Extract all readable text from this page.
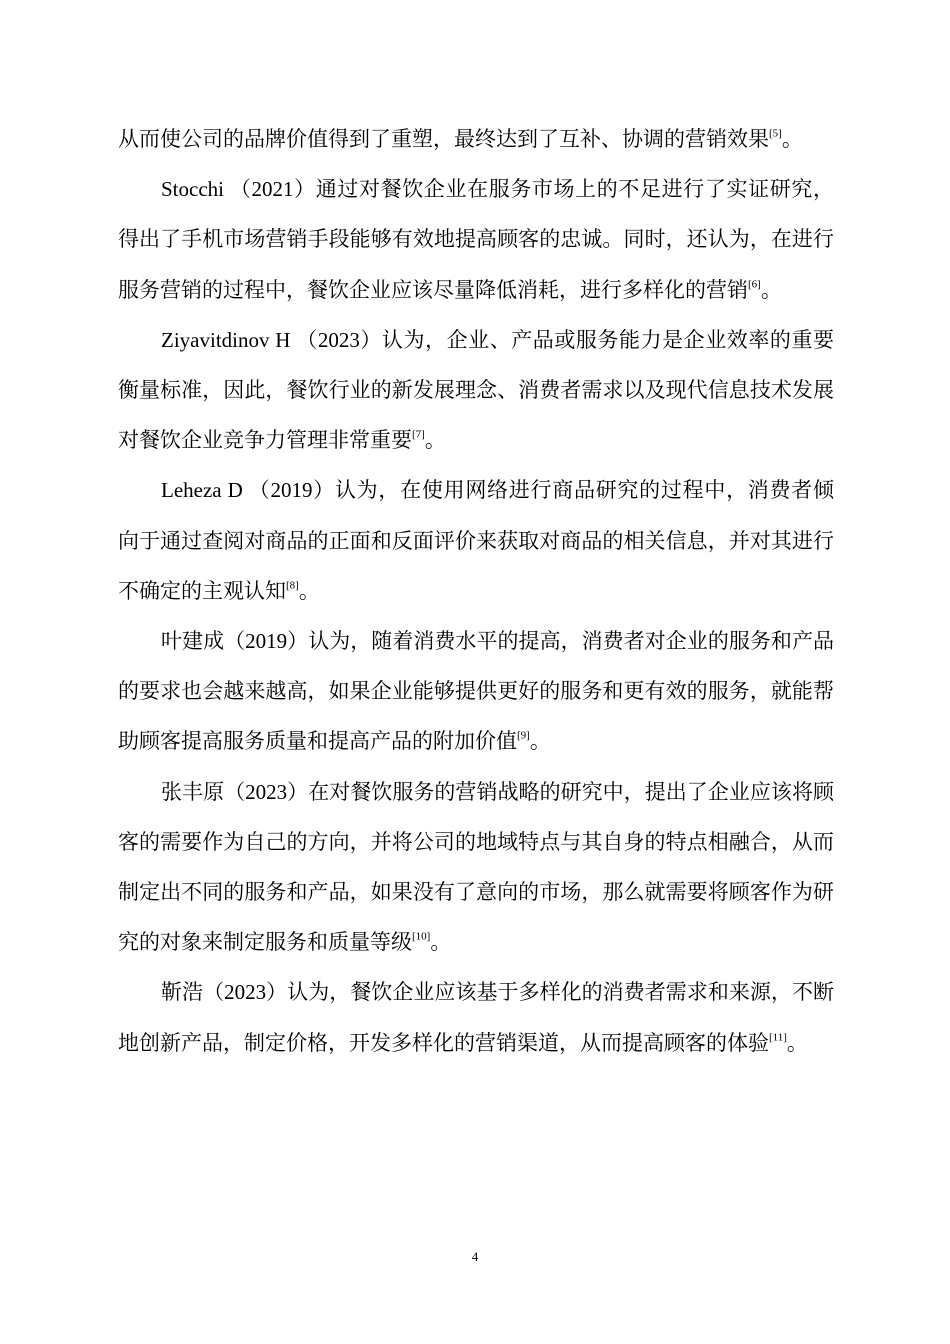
从而使公司的品牌价值得到了重塑，最终达到了互补、协调的营销效果[5]。

Stocchi （2021）通过对餐饮企业在服务市场上的不足进行了实证研究，得出了手机市场营销手段能够有效地提高顾客的忠诚。同时，还认为，在进行服务营销的过程中，餐饮企业应该尽量降低消耗，进行多样化的营销[6]。

Ziyavitdinov H （2023）认为，企业、产品或服务能力是企业效率的重要衡量标准，因此，餐饮行业的新发展理念、消费者需求以及现代信息技术发展对餐饮企业竞争力管理非常重要[7]。

Leheza D （2019）认为，在使用网络进行商品研究的过程中，消费者倾向于通过查阅对商品的正面和反面评价来获取对商品的相关信息，并对其进行不确定的主观认知[8]。

叶建成（2019）认为，随着消费水平的提高，消费者对企业的服务和产品的要求也会越来越高，如果企业能够提供更好的服务和更有效的服务，就能帮助顾客提高服务质量和提高产品的附加价值[9]。

张丰原（2023）在对餐饮服务的营销战略的研究中，提出了企业应该将顾客的需要作为自己的方向，并将公司的地域特点与其自身的特点相融合，从而制定出不同的服务和产品，如果没有了意向的市场，那么就需要将顾客作为研究的对象来制定服务和质量等级[10]。

靳浩（2023）认为，餐饮企业应该基于多样化的消费者需求和来源，不断地创新产品，制定价格，开发多样化的营销渠道，从而提高顾客的体验[11]。

4
